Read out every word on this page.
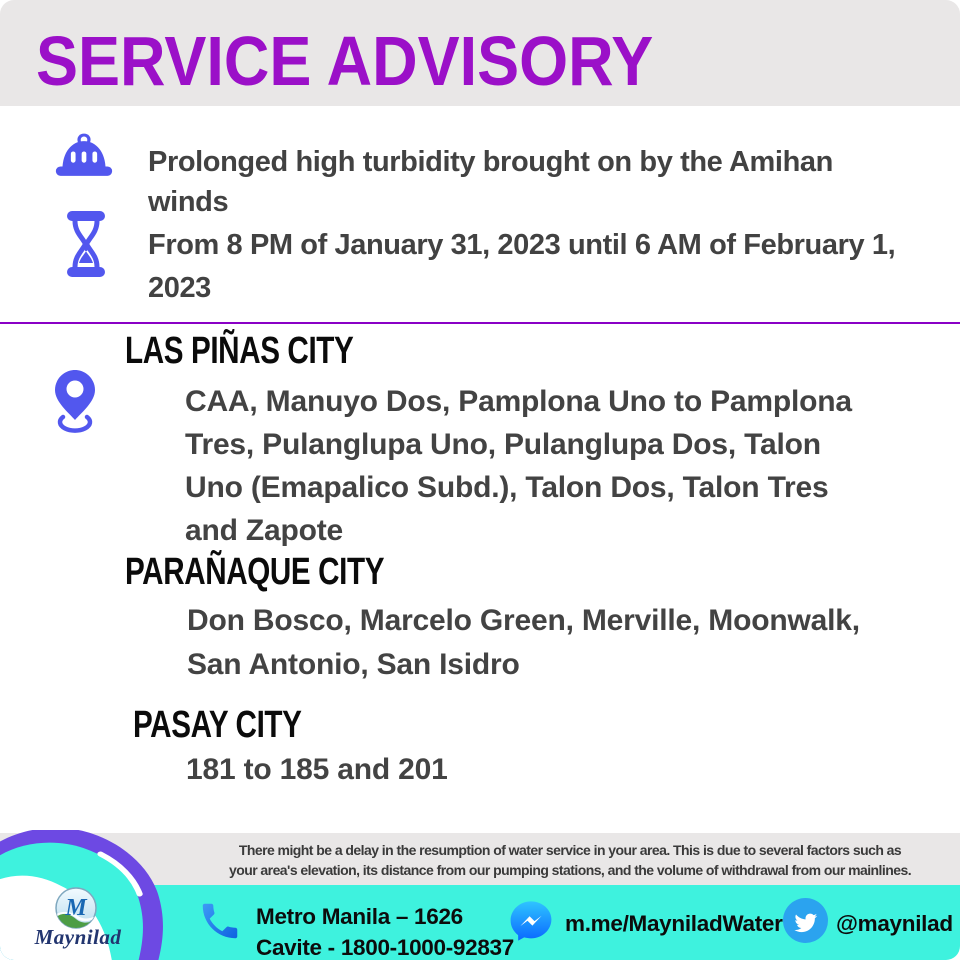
SERVICE ADVISORY
Prolonged high turbidity brought on by the Amihan
winds
From 8 PM of January 31, 2023 until 6 AM of February 1,
2023
LAS PIÑAS CITY
CAA, Manuyo Dos, Pamplona Uno to Pamplona
Tres, Pulanglupa Uno, Pulanglupa Dos, Talon
Uno (Emapalico Subd.), Talon Dos, Talon Tres
and Zapote
PARAÑAQUE CITY
Don Bosco, Marcelo Green, Merville, Moonwalk,
San Antonio, San Isidro
PASAY CITY
181 to 185 and 201
There might be a delay in the resumption of water service in your area. This is due to several factors such as
your area's elevation, its distance from our pumping stations, and the volume of withdrawal from our mainlines.
M
Maynilad
Metro Manila – 1626
Cavite - 1800-1000-92837
m.me/MayniladWater @maynilad
